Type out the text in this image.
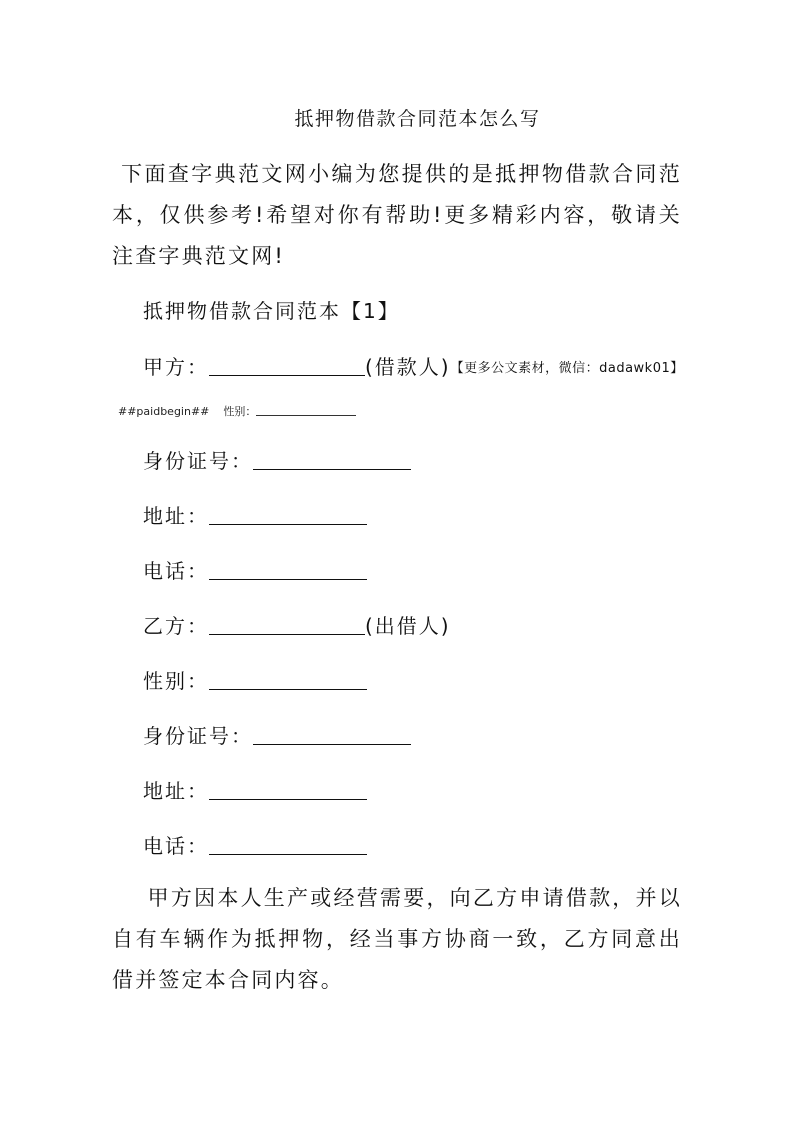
抵押物借款合同范本怎么写
下面查字典范文网小编为您提供的是抵押物借款合同范本，仅供参考!希望对你有帮助!更多精彩内容，敬请关注查字典范文网!
抵押物借款合同范本【1】
甲方：	(借款人)【更多公文素材，微信：dadawk01】
##paidbegin## 性别：
身份证号：
地址：
电话：
乙方：	(出借人)
性别：
身份证号：
地址：
电话：
甲方因本人生产或经营需要，向乙方申请借款，并以自有车辆作为抵押物，经当事方协商一致，乙方同意出借并签定本合同内容。
